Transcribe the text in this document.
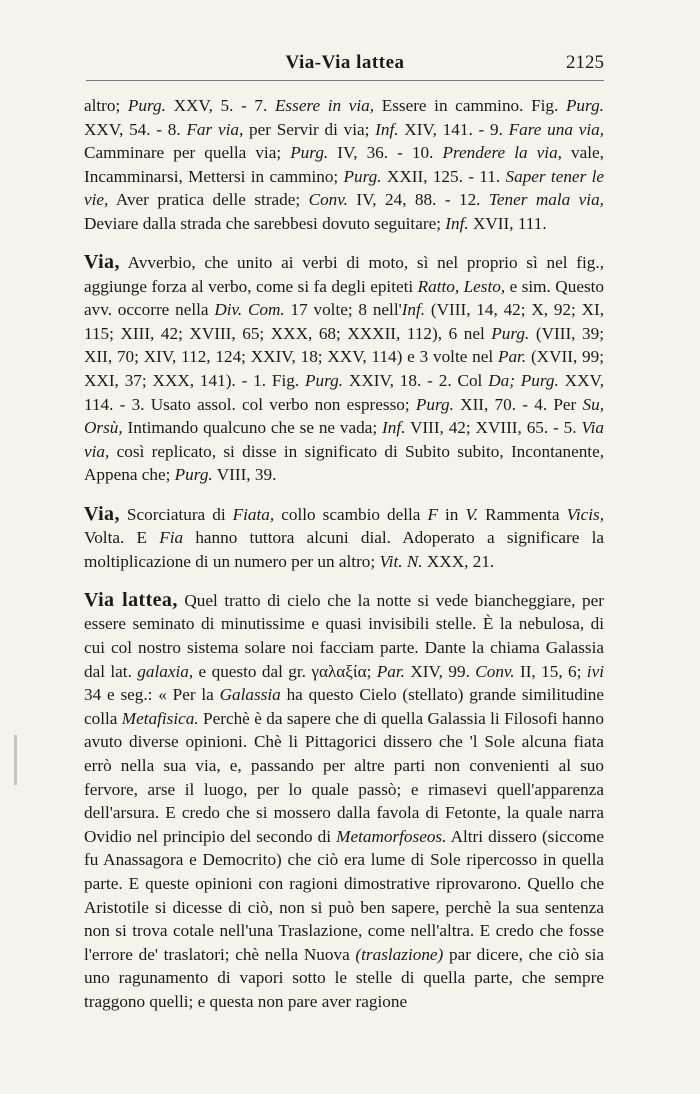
Via-Via lattea	2125

altro; Purg. XXV, 5. - 7. Essere in via, Essere in cammino. Fig. Purg. XXV, 54. - 8. Far via, per Servir di via; Inf. XIV, 141. - 9. Fare una via, Camminare per quella via; Purg. IV, 36. - 10. Prendere la via, vale, Incamminarsi, Mettersi in cammino; Purg. XXII, 125. - 11. Saper tener le vie, Aver pratica delle strade; Conv. IV, 24, 88. - 12. Tener mala via, Deviare dalla strada che sarebbesi dovuto seguitare; Inf. XVII, 111.

Via, Avverbio, che unito ai verbi di moto, sì nel proprio sì nel fig., aggiunge forza al verbo, come si fa degli epiteti Ratto, Lesto, e sim. Questo avv. occorre nella Div. Com. 17 volte; 8 nell'Inf. (VIII, 14, 42; X, 92; XI, 115; XIII, 42; XVIII, 65; XXX, 68; XXXII, 112), 6 nel Purg. (VIII, 39; XII, 70; XIV, 112, 124; XXIV, 18; XXV, 114) e 3 volte nel Par. (XVII, 99; XXI, 37; XXX, 141). - 1. Fig. Purg. XXIV, 18. - 2. Col Da; Purg. XXV, 114. - 3. Usato assol. col verbo non espresso; Purg. XII, 70. - 4. Per Su, Orsù, Intimando qualcuno che se ne vada; Inf. VIII, 42; XVIII, 65. - 5. Via via, così replicato, si disse in significato di Subito subito, Incontanente, Appena che; Purg. VIII, 39.

Via, Scorciatura di Fiata, collo scambio della F in V. Rammenta Vicis, Volta. E Fia hanno tuttora alcuni dial. Adoperato a significare la moltiplicazione di un numero per un altro; Vit. N. XXX, 21.

Via lattea, Quel tratto di cielo che la notte si vede biancheggiare, per essere seminato di minutissime e quasi invisibili stelle. È la nebulosa, di cui col nostro sistema solare noi facciam parte. Dante la chiama Galassia dal lat. galaxia, e questo dal gr. γαλαξία; Par. XIV, 99. Conv. II, 15, 6; ivi 34 e seg.: « Per la Galassia ha questo Cielo (stellato) grande similitudine colla Metafisica. Perchè è da sapere che di quella Galassia li Filosofi hanno avuto diverse opinioni. Chè li Pittagorici dissero che 'l Sole alcuna fiata errò nella sua via, e, passando per altre parti non convenienti al suo fervore, arse il luogo, per lo quale passò; e rimasevi quell'apparenza dell'arsura. E credo che si mossero dalla favola di Fetonte, la quale narra Ovidio nel principio del secondo di Metamorfoseos. Altri dissero (siccome fu Anassagora e Democrito) che ciò era lume di Sole ripercosso in quella parte. E queste opinioni con ragioni dimostrative riprovarono. Quello che Aristotile si dicesse di ciò, non si può ben sapere, perchè la sua sentenza non si trova cotale nell'una Traslazione, come nell'altra. E credo che fosse l'errore de' traslatori; chè nella Nuova (traslazione) par dicere, che ciò sia uno ragunamento di vapori sotto le stelle di quella parte, che sempre traggono quelli; e questa non pare aver ragione
